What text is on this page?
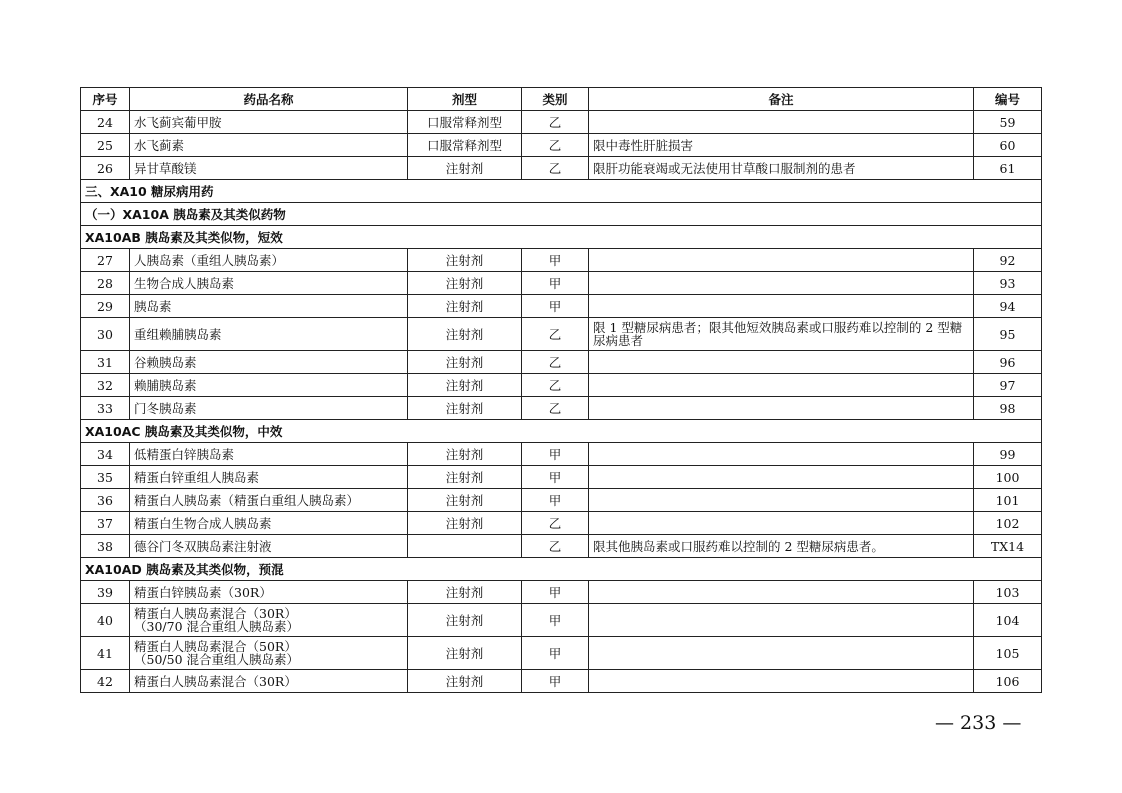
序号	药品名称	剂型	类别	备注	编号
24	水飞蓟宾葡甲胺	口服常释剂型	乙		59
25	水飞蓟素	口服常释剂型	乙	限中毒性肝脏损害	60
26	异甘草酸镁	注射剂	乙	限肝功能衰竭或无法使用甘草酸口服制剂的患者	61
三、XA10 糖尿病用药					
（一）XA10A 胰岛素及其类似药物					
XA10AB 胰岛素及其类似物，短效					
27	人胰岛素（重组人胰岛素）	注射剂	甲		92
28	生物合成人胰岛素	注射剂	甲		93
29	胰岛素	注射剂	甲		94
30	重组赖脯胰岛素	注射剂	乙	限 1 型糖尿病患者；限其他短效胰岛素或口服药难以控制的 2 型糖尿病患者	95
31	谷赖胰岛素	注射剂	乙		96
32	赖脯胰岛素	注射剂	乙		97
33	门冬胰岛素	注射剂	乙		98
XA10AC 胰岛素及其类似物，中效					
34	低精蛋白锌胰岛素	注射剂	甲		99
35	精蛋白锌重组人胰岛素	注射剂	甲		100
36	精蛋白人胰岛素（精蛋白重组人胰岛素）	注射剂	甲		101
37	精蛋白生物合成人胰岛素	注射剂	乙		102
38	德谷门冬双胰岛素注射液		乙	限其他胰岛素或口服药难以控制的 2 型糖尿病患者。	TX14
XA10AD 胰岛素及其类似物，预混					
39	精蛋白锌胰岛素（30R）	注射剂	甲		103
40	精蛋白人胰岛素混合（30R）
（30/70 混合重组人胰岛素）	注射剂	甲		104
41	精蛋白人胰岛素混合（50R）
（50/50 混合重组人胰岛素）	注射剂	甲		105
42	精蛋白人胰岛素混合（30R）	注射剂	甲		106
— 233 —
